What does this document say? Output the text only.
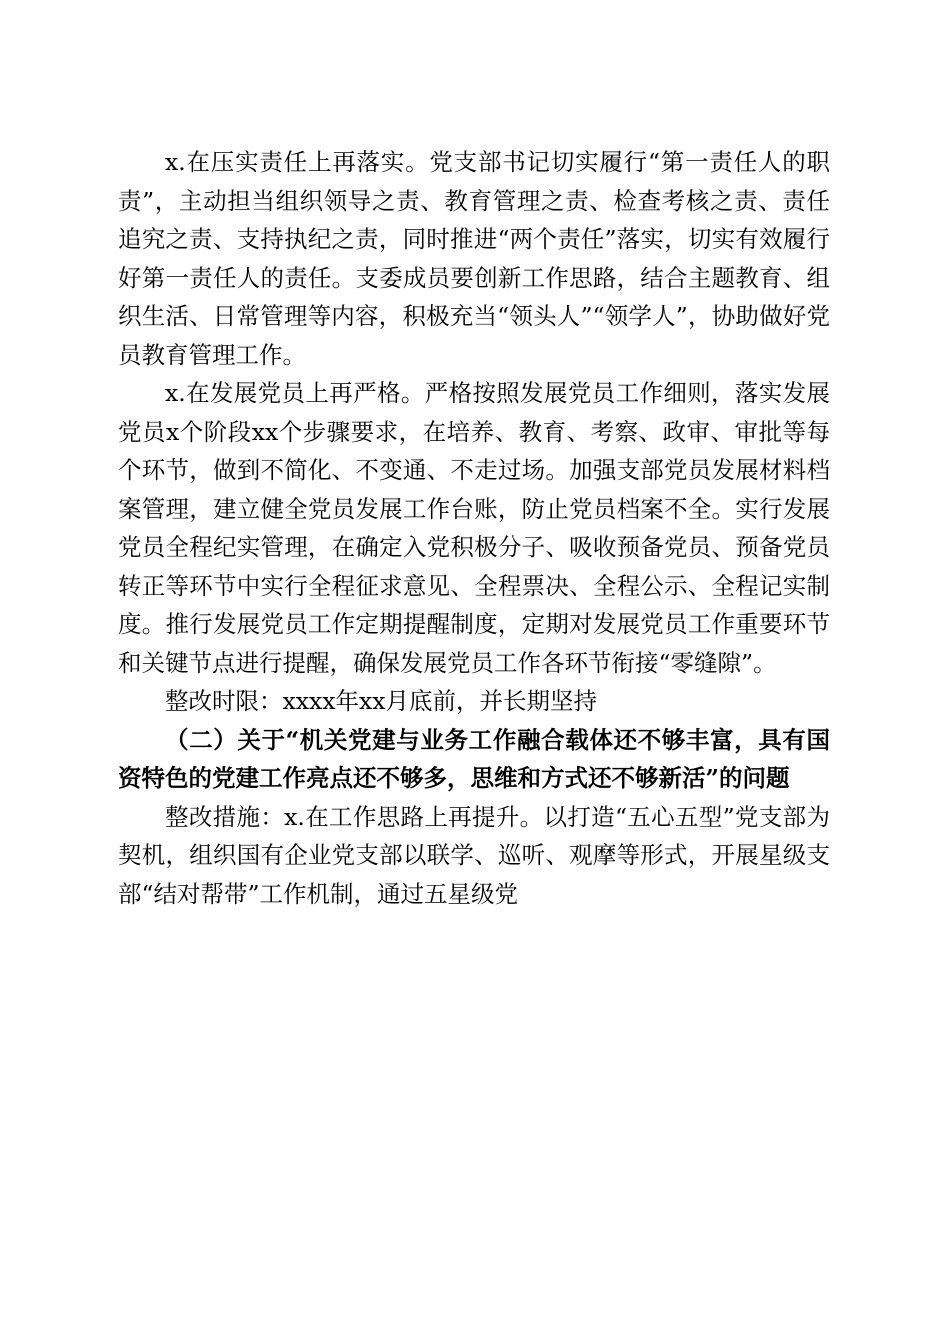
x.在压实责任上再落实。党支部书记切实履行“第一责任人的职责”，主动担当组织领导之责、教育管理之责、检查考核之责、责任追究之责、支持执纪之责，同时推进“两个责任”落实，切实有效履行好第一责任人的责任。支委成员要创新工作思路，结合主题教育、组织生活、日常管理等内容，积极充当“领头人”“领学人”，协助做好党员教育管理工作。

x.在发展党员上再严格。严格按照发展党员工作细则，落实发展党员x个阶段xx个步骤要求，在培养、教育、考察、政审、审批等每个环节，做到不简化、不变通、不走过场。加强支部党员发展材料档案管理，建立健全党员发展工作台账，防止党员档案不全。实行发展党员全程纪实管理，在确定入党积极分子、吸收预备党员、预备党员转正等环节中实行全程征求意见、全程票决、全程公示、全程记实制度。推行发展党员工作定期提醒制度，定期对发展党员工作重要环节和关键节点进行提醒，确保发展党员工作各环节衔接“零缝隙”。

整改时限：xxxx年xx月底前，并长期坚持

（二）关于“机关党建与业务工作融合载体还不够丰富，具有国资特色的党建工作亮点还不够多，思维和方式还不够新活”的问题

整改措施：x.在工作思路上再提升。以打造“五心五型”党支部为契机，组织国有企业党支部以联学、巡听、观摩等形式，开展星级支部“结对帮带”工作机制，通过五星级党
